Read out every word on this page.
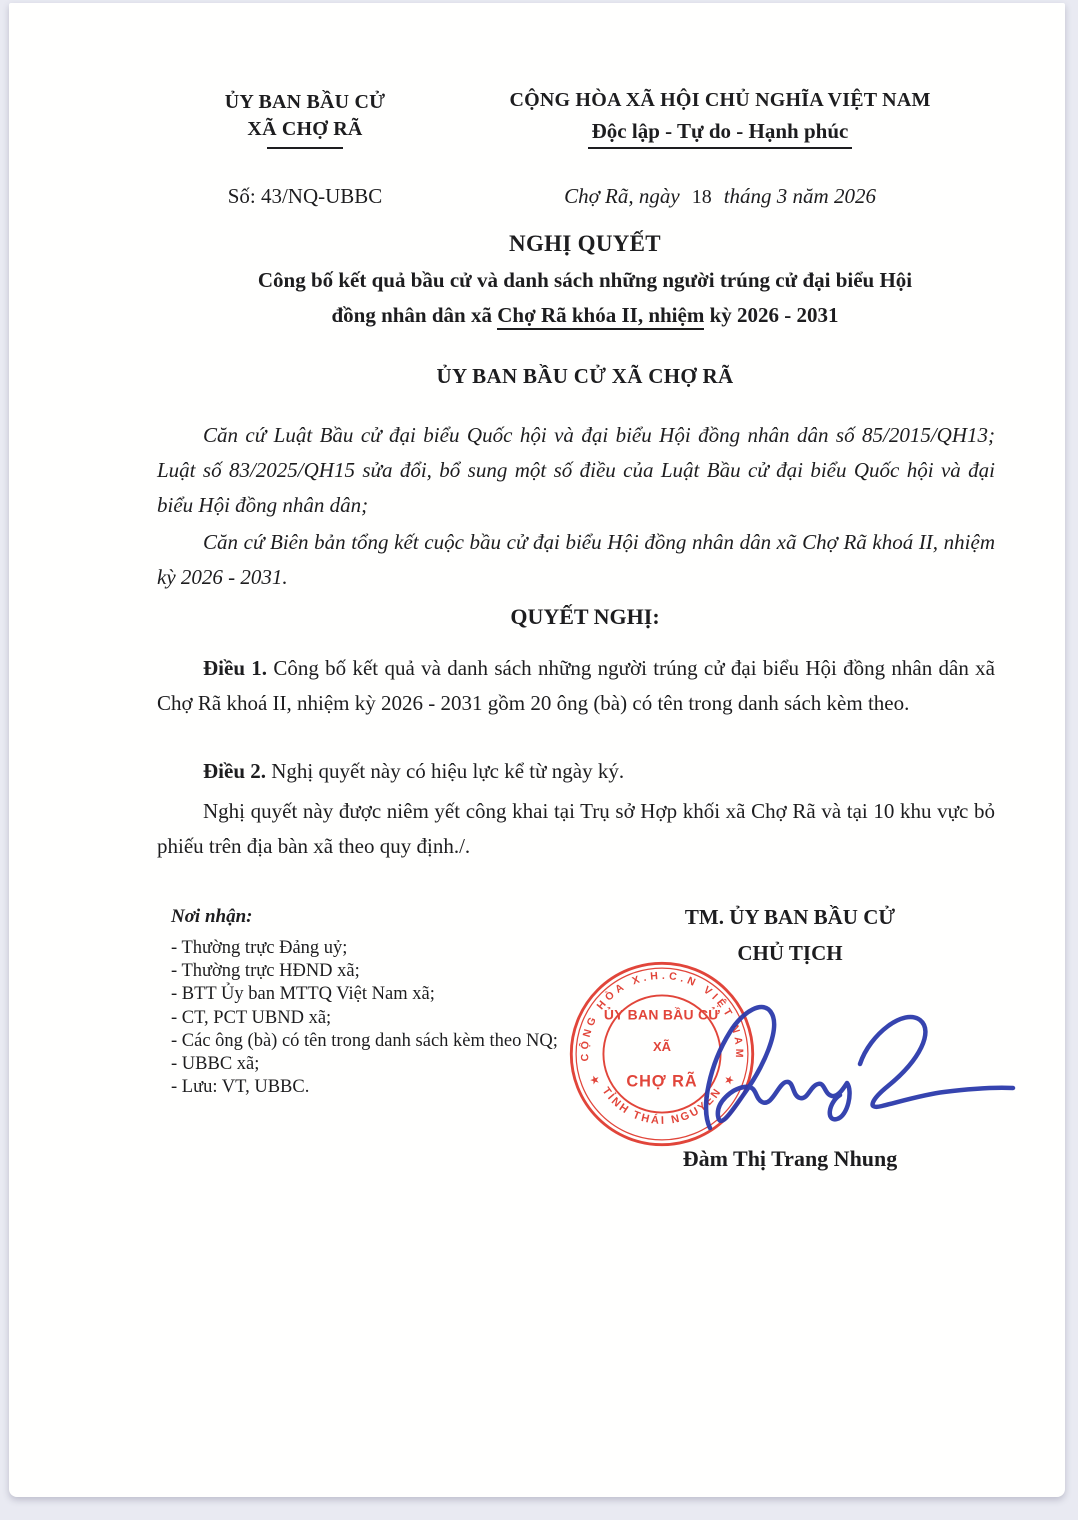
ỦY BAN BẦU CỬ
XÃ CHỢ RÃ
Số: 43/NQ-UBBC
CỘNG HÒA XÃ HỘI CHỦ NGHĨA VIỆT NAM
Độc lập - Tự do - Hạnh phúc
Chợ Rã, ngày 18 tháng 3 năm 2026
NGHỊ QUYẾT
Công bố kết quả bầu cử và danh sách những người trúng cử đại biểu Hội
đồng nhân dân xã Chợ Rã khóa II, nhiệm kỳ 2026 - 2031
ỦY BAN BẦU CỬ XÃ CHỢ RÃ
Căn cứ Luật Bầu cử đại biểu Quốc hội và đại biểu Hội đồng nhân dân số 85/2015/QH13; Luật số 83/2025/QH15 sửa đổi, bổ sung một số điều của Luật Bầu cử đại biểu Quốc hội và đại biểu Hội đồng nhân dân;
Căn cứ Biên bản tổng kết cuộc bầu cử đại biểu Hội đồng nhân dân xã Chợ Rã khoá II, nhiệm kỳ 2026 - 2031.
QUYẾT NGHỊ:
Điều 1. Công bố kết quả và danh sách những người trúng cử đại biểu Hội đồng nhân dân xã Chợ Rã khoá II, nhiệm kỳ 2026 - 2031 gồm 20 ông (bà) có tên trong danh sách kèm theo.
Điều 2. Nghị quyết này có hiệu lực kể từ ngày ký.
Nghị quyết này được niêm yết công khai tại Trụ sở Hợp khối xã Chợ Rã và tại 10 khu vực bỏ phiếu trên địa bàn xã theo quy định./.
Nơi nhận:
- Thường trực Đảng uỷ;
- Thường trực HĐND xã;
- BTT Ủy ban MTTQ Việt Nam xã;
- CT, PCT UBND xã;
- Các ông (bà) có tên trong danh sách kèm theo NQ;
- UBBC xã;
- Lưu: VT, UBBC.
TM. ỦY BAN BẦU CỬ
CHỦ TỊCH
CỘNG HÒA X.H.C.N VIỆT NAM
TỈNH THÁI NGUYÊN
★	★
ỦY BAN BẦU CỬ
XÃ
CHỢ RÃ
Đàm Thị Trang Nhung
